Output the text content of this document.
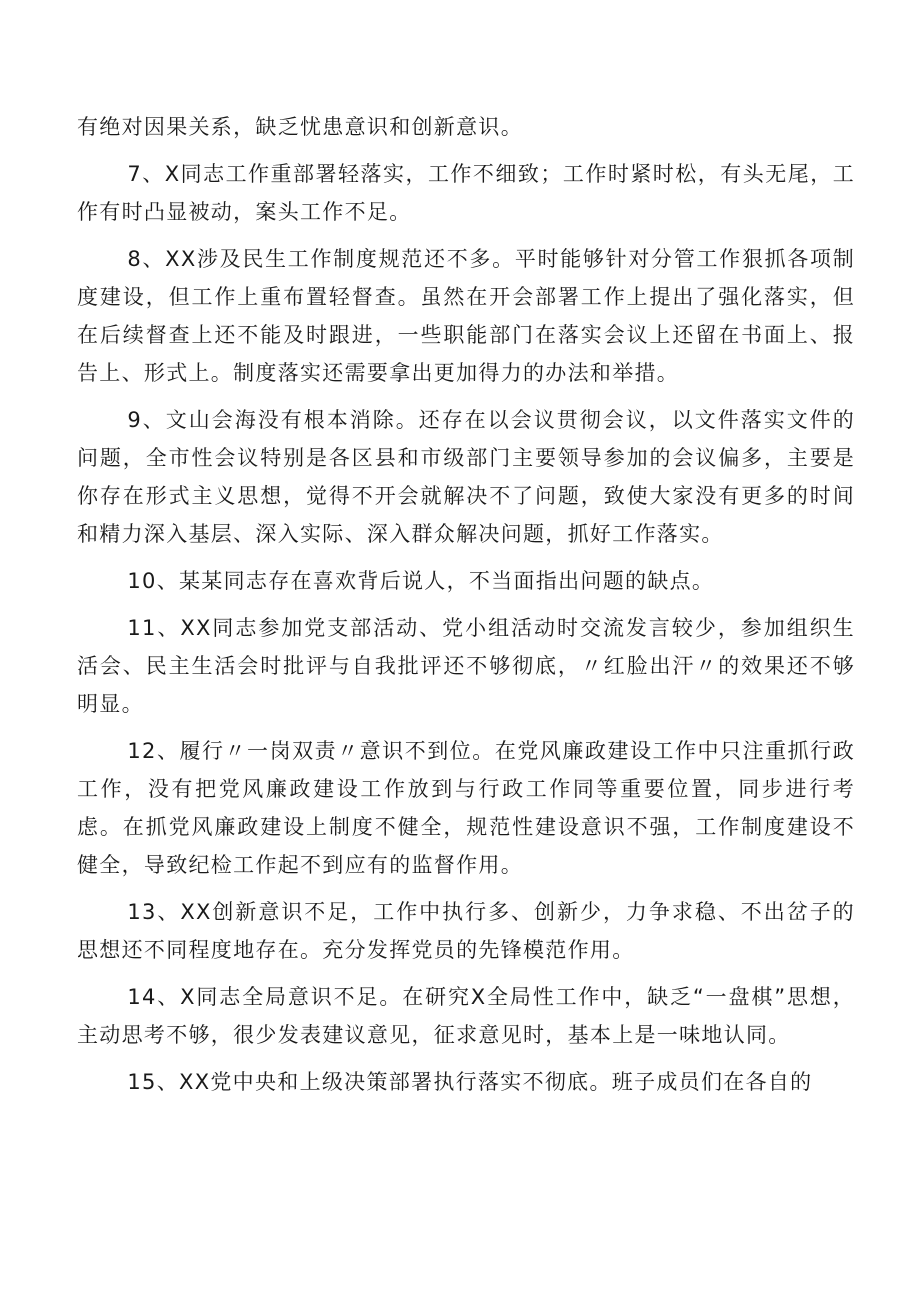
有绝对因果关系，缺乏忧患意识和创新意识。

7、X同志工作重部署轻落实，工作不细致；工作时紧时松，有头无尾，工作有时凸显被动，案头工作不足。

8、XX涉及民生工作制度规范还不多。平时能够针对分管工作狠抓各项制度建设，但工作上重布置轻督查。虽然在开会部署工作上提出了强化落实，但在后续督查上还不能及时跟进，一些职能部门在落实会议上还留在书面上、报告上、形式上。制度落实还需要拿出更加得力的办法和举措。

9、文山会海没有根本消除。还存在以会议贯彻会议，以文件落实文件的问题，全市性会议特别是各区县和市级部门主要领导参加的会议偏多，主要是你存在形式主义思想，觉得不开会就解决不了问题，致使大家没有更多的时间和精力深入基层、深入实际、深入群众解决问题，抓好工作落实。

10、某某同志存在喜欢背后说人，不当面指出问题的缺点。

11、XX同志参加党支部活动、党小组活动时交流发言较少，参加组织生活会、民主生活会时批评与自我批评还不够彻底，〃红脸出汗〃的效果还不够明显。

12、履行〃一岗双责〃意识不到位。在党风廉政建设工作中只注重抓行政工作，没有把党风廉政建设工作放到与行政工作同等重要位置，同步进行考虑。在抓党风廉政建设上制度不健全，规范性建设意识不强，工作制度建设不健全，导致纪检工作起不到应有的监督作用。

13、XX创新意识不足，工作中执行多、创新少，力争求稳、不出岔子的思想还不同程度地存在。充分发挥党员的先锋模范作用。

14、X同志全局意识不足。在研究X全局性工作中，缺乏“一盘棋”思想，主动思考不够，很少发表建议意见，征求意见时，基本上是一味地认同。

15、XX党中央和上级决策部署执行落实不彻底。班子成员们在各自的
